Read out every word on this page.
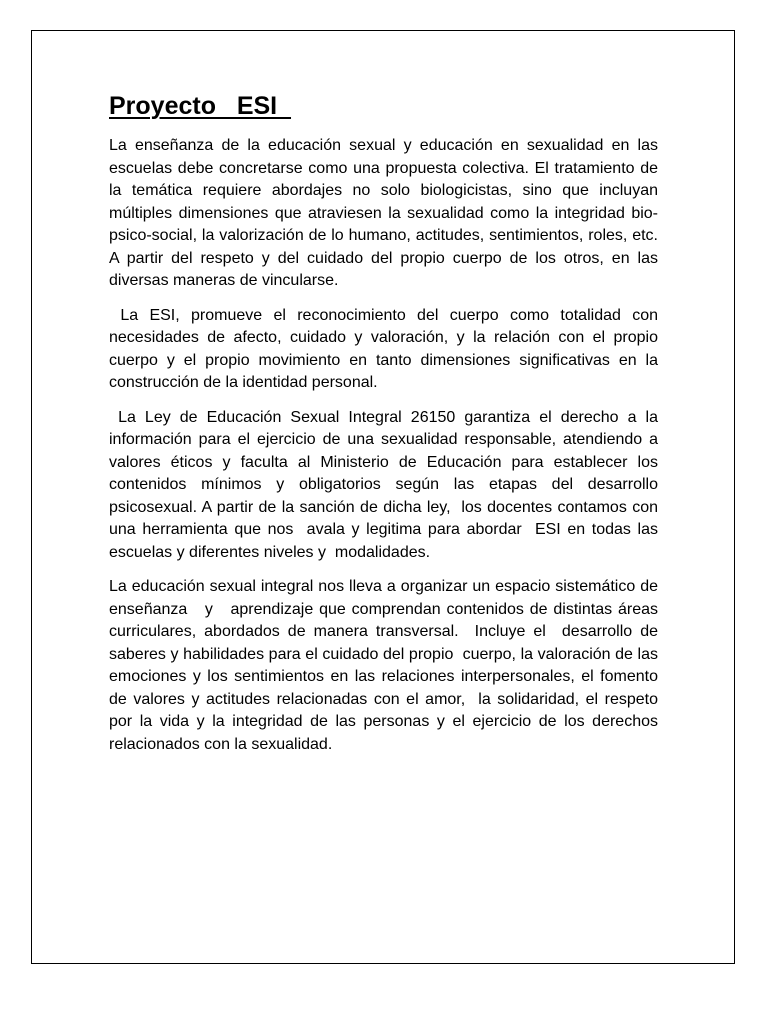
Proyecto   ESI

La enseñanza de la educación sexual y educación en sexualidad en las escuelas debe concretarse como una propuesta colectiva. El tratamiento de la temática requiere abordajes no solo biologicistas, sino que incluyan múltiples dimensiones que atraviesen la sexualidad como la integridad bio-psico-social, la valorización de lo humano, actitudes, sentimientos, roles, etc. A partir del respeto y del cuidado del propio cuerpo de los otros, en las diversas maneras de vincularse.

La ESI, promueve el reconocimiento del cuerpo como totalidad con necesidades de afecto, cuidado y valoración, y la relación con el propio cuerpo y el propio movimiento en tanto dimensiones significativas en la construcción de la identidad personal.

La Ley de Educación Sexual Integral 26150 garantiza el derecho a la información para el ejercicio de una sexualidad responsable, atendiendo a valores éticos y faculta al Ministerio de Educación para establecer los contenidos mínimos y obligatorios según las etapas del desarrollo psicosexual. A partir de la sanción de dicha ley,  los docentes contamos con una herramienta que nos  avala y legitima para abordar  ESI en todas las escuelas y diferentes niveles y  modalidades.

La educación sexual integral nos lleva a organizar un espacio sistemático de enseñanza   y   aprendizaje que comprendan contenidos de distintas áreas curriculares, abordados de manera transversal.  Incluye el  desarrollo de saberes y habilidades para el cuidado del propio  cuerpo, la valoración de las emociones y los sentimientos en las relaciones interpersonales, el fomento de valores y actitudes relacionadas con el amor,  la solidaridad, el respeto por la vida y la integridad de las personas y el ejercicio de los derechos relacionados con la sexualidad.
